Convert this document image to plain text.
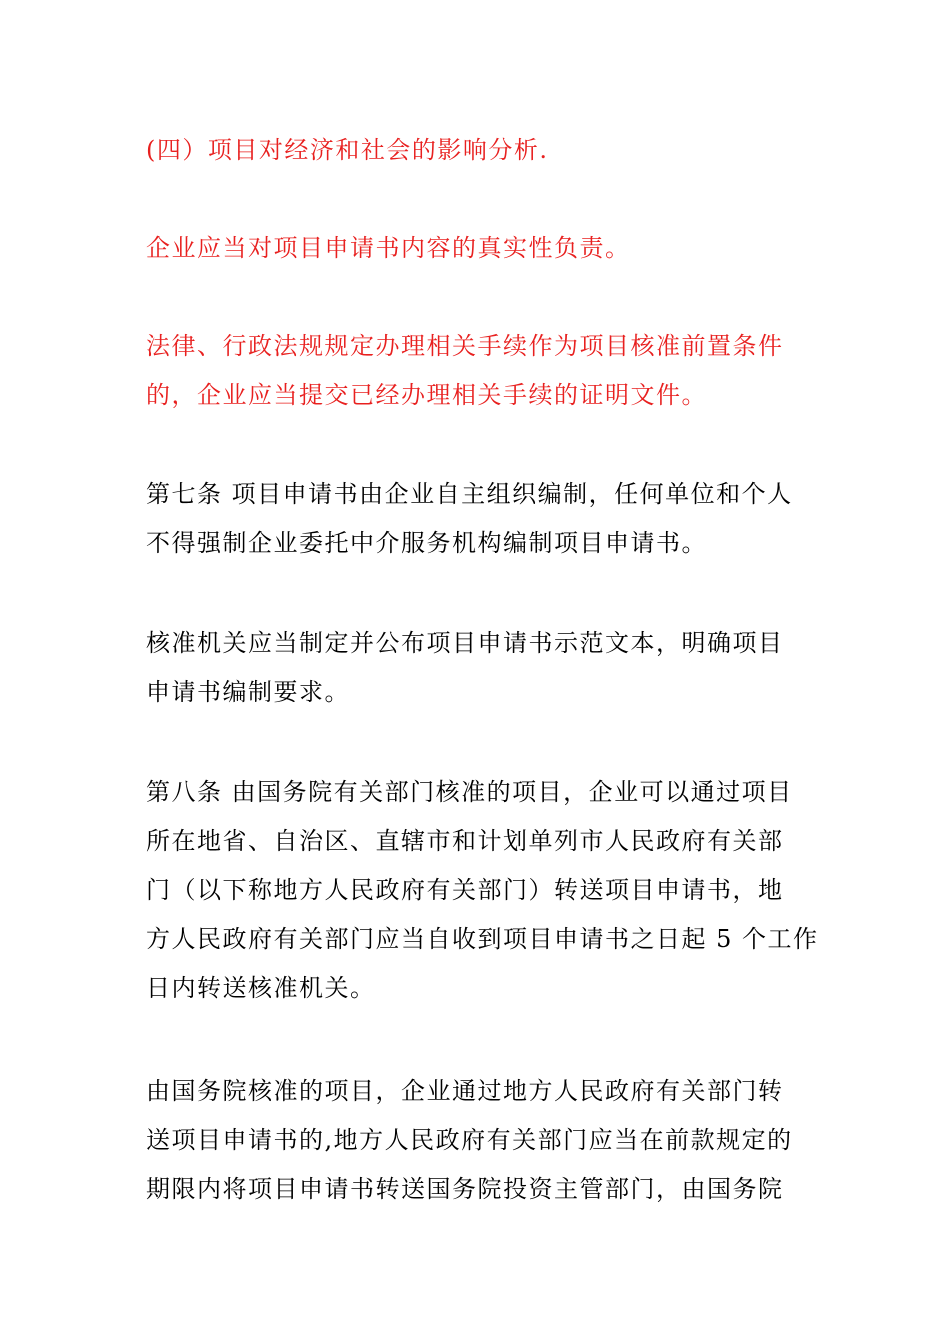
(四）项目对经济和社会的影响分析.

企业应当对项目申请书内容的真实性负责。

法律、行政法规规定办理相关手续作为项目核准前置条件
的，企业应当提交已经办理相关手续的证明文件。

第七条 项目申请书由企业自主组织编制，任何单位和个人
不得强制企业委托中介服务机构编制项目申请书。

核准机关应当制定并公布项目申请书示范文本，明确项目
申请书编制要求。

第八条 由国务院有关部门核准的项目，企业可以通过项目
所在地省、自治区、直辖市和计划单列市人民政府有关部
门（以下称地方人民政府有关部门）转送项目申请书，地
方人民政府有关部门应当自收到项目申请书之日起 5 个工作
日内转送核准机关。

由国务院核准的项目，企业通过地方人民政府有关部门转
送项目申请书的,地方人民政府有关部门应当在前款规定的
期限内将项目申请书转送国务院投资主管部门，由国务院
